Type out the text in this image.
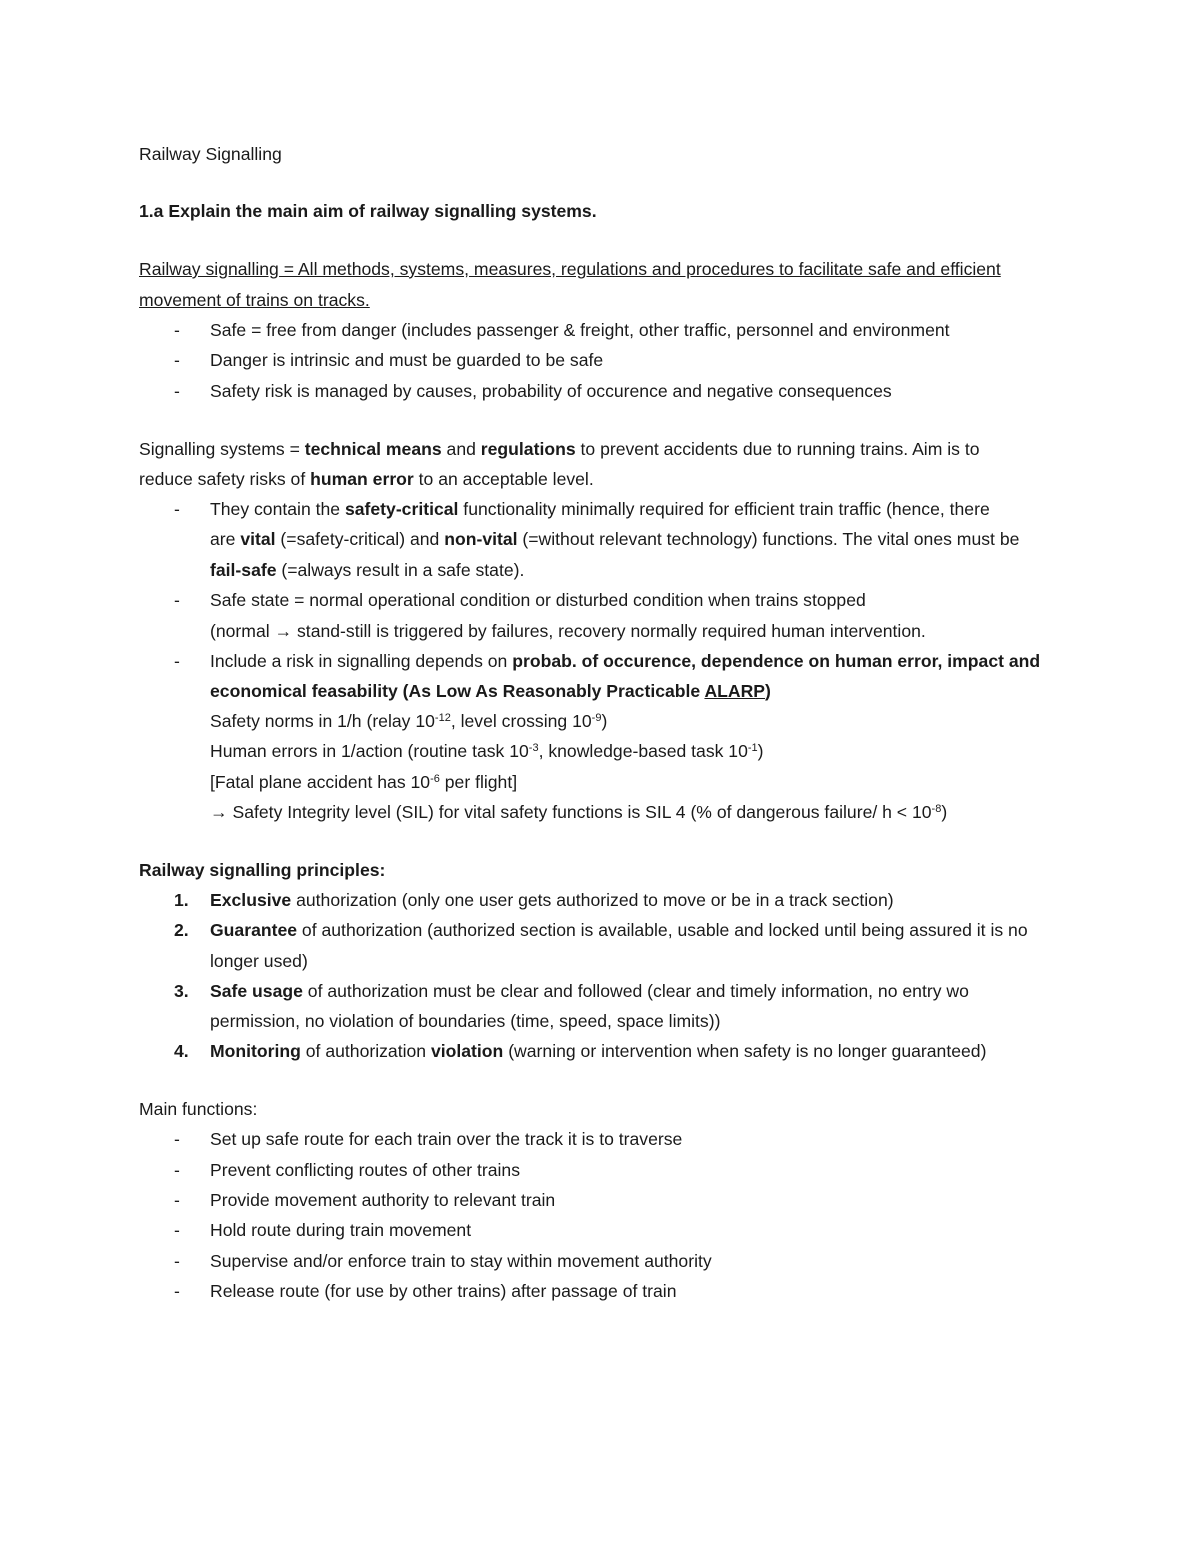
Railway Signalling
1.a Explain the main aim of railway signalling systems.
Railway signalling = All methods, systems, measures, regulations and procedures to facilitate safe and efficient
movement of trains on tracks.
- Safe = free from danger (includes passenger & freight, other traffic, personnel and environment
- Danger is intrinsic and must be guarded to be safe
- Safety risk is managed by causes, probability of occurence and negative consequences
Signalling systems = technical means and regulations to prevent accidents due to running trains. Aim is to
reduce safety risks of human error to an acceptable level.
- They contain the safety-critical functionality minimally required for efficient train traffic (hence, there
are vital (=safety-critical) and non-vital (=without relevant technology) functions. The vital ones must be
fail-safe (=always result in a safe state).
- Safe state = normal operational condition or disturbed condition when trains stopped
(normal → stand-still is triggered by failures, recovery normally required human intervention.
- Include a risk in signalling depends on probab. of occurence, dependence on human error, impact and
economical feasability (As Low As Reasonably Practicable ALARP)
Safety norms in 1/h (relay $10^{-12}$, level crossing $10^{-9}$)
Human errors in 1/action (routine task $10^{-3}$, knowledge-based task $10^{-1}$)
[Fatal plane accident has $10^{-6}$ per flight]
→ Safety Integrity level (SIL) for vital safety functions is SIL 4 (% of dangerous failure/ $h < 10^{-8}$)
Railway signalling principles:
1. Exclusive authorization (only one user gets authorized to move or be in a track section)
2. Guarantee of authorization (authorized section is available, usable and locked until being assured it is no
longer used)
3. Safe usage of authorization must be clear and followed (clear and timely information, no entry wo
permission, no violation of boundaries (time, speed, space limits))
4. Monitoring of authorization violation (warning or intervention when safety is no longer guaranteed)
Main functions:
- Set up safe route for each train over the track it is to traverse
- Prevent conflicting routes of other trains
- Provide movement authority to relevant train
- Hold route during train movement
- Supervise and/or enforce train to stay within movement authority
- Release route (for use by other trains) after passage of train
